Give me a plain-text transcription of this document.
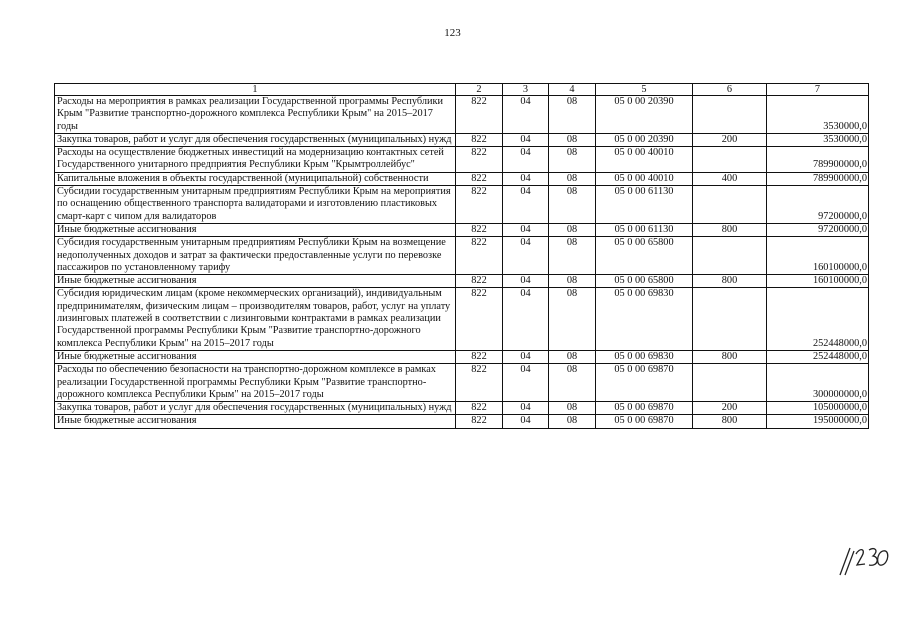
123
1	2	3	4	5	6	7
Расходы на мероприятия в рамках реализации Государственной программы Республики Крым "Развитие транспортно-дорожного комплекса Республики Крым" на 2015–2017 годы	822	04	08	05 0 00 20390		3530000,0
Закупка товаров, работ и услуг для обеспечения государственных (муниципальных) нужд	822	04	08	05 0 00 20390	200	3530000,0
Расходы на осуществление бюджетных инвестиций на модернизацию контактных сетей Государственного унитарного предприятия Республики Крым "Крымтроллейбус"	822	04	08	05 0 00 40010		789900000,0
Капитальные вложения в объекты государственной (муниципальной) собственности	822	04	08	05 0 00 40010	400	789900000,0
Субсидии государственным унитарным предприятиям Республики Крым на мероприятия по оснащению общественного транспорта валидаторами и изготовлению пластиковых смарт-карт с чипом для валидаторов	822	04	08	05 0 00 61130		97200000,0
Иные бюджетные ассигнования	822	04	08	05 0 00 61130	800	97200000,0
Субсидия государственным унитарным предприятиям Республики Крым на возмещение недополученных доходов и затрат за фактически предоставленные услуги по перевозке пассажиров по установленному тарифу	822	04	08	05 0 00 65800		160100000,0
Иные бюджетные ассигнования	822	04	08	05 0 00 65800	800	160100000,0
Субсидия юридическим лицам (кроме некоммерческих организаций), индивидуальным предпринимателям, физическим лицам – производителям товаров, работ, услуг на уплату лизинговых платежей в соответствии с лизинговыми контрактами в рамках реализации Государственной программы Республики Крым "Развитие транспортно-дорожного комплекса Республики Крым" на 2015–2017 годы	822	04	08	05 0 00 69830		252448000,0
Иные бюджетные ассигнования	822	04	08	05 0 00 69830	800	252448000,0
Расходы по обеспечению безопасности на транспортно-дорожном комплексе в рамках реализации Государственной программы Республики Крым "Развитие транспортно-дорожного комплекса Республики Крым" на 2015–2017 годы	822	04	08	05 0 00 69870		300000000,0
Закупка товаров, работ и услуг для обеспечения государственных (муниципальных) нужд	822	04	08	05 0 00 69870	200	105000000,0
Иные бюджетные ассигнования	822	04	08	05 0 00 69870	800	195000000,0
